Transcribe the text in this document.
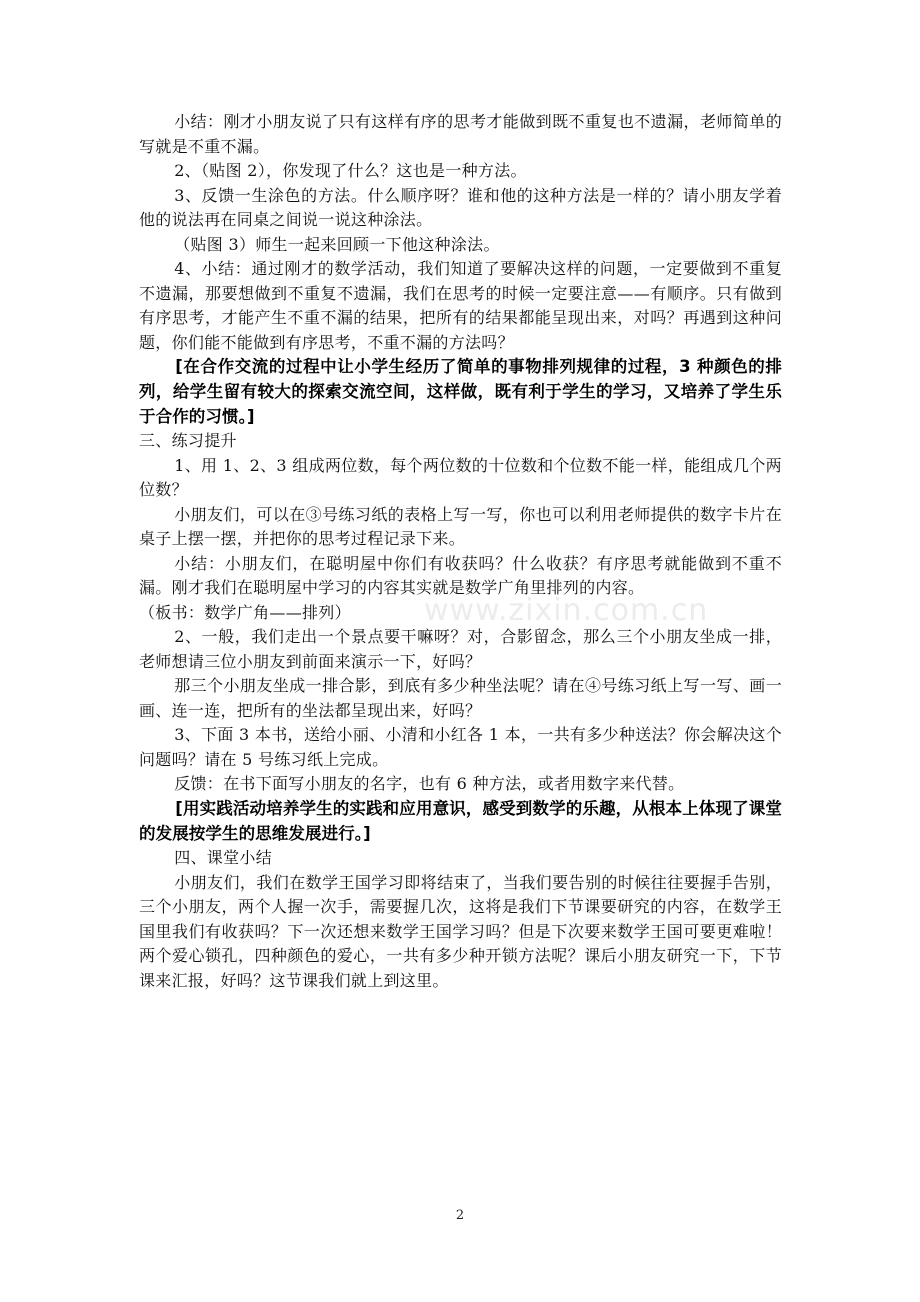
小结：刚才小朋友说了只有这样有序的思考才能做到既不重复也不遗漏，老师简单的写就是不重不漏。

2、（贴图 2），你发现了什么？这也是一种方法。

3、反馈一生涂色的方法。什么顺序呀？谁和他的这种方法是一样的？请小朋友学着他的说法再在同桌之间说一说这种涂法。

（贴图 3）师生一起来回顾一下他这种涂法。

4、小结：通过刚才的数学活动，我们知道了要解决这样的问题，一定要做到不重复不遗漏，那要想做到不重复不遗漏，我们在思考的时候一定要注意——有顺序。只有做到有序思考，才能产生不重不漏的结果，把所有的结果都能呈现出来，对吗？再遇到这种问题，你们能不能做到有序思考，不重不漏的方法吗？

[在合作交流的过程中让小学生经历了简单的事物排列规律的过程，3 种颜色的排列，给学生留有较大的探索交流空间，这样做，既有利于学生的学习，又培养了学生乐于合作的习惯。]

三、练习提升

1、用 1、2、3 组成两位数，每个两位数的十位数和个位数不能一样，能组成几个两位数？

小朋友们，可以在③号练习纸的表格上写一写，你也可以利用老师提供的数字卡片在桌子上摆一摆，并把你的思考过程记录下来。

小结：小朋友们，在聪明屋中你们有收获吗？什么收获？有序思考就能做到不重不漏。刚才我们在聪明屋中学习的内容其实就是数学广角里排列的内容。

（板书：数学广角——排列）

2、一般，我们走出一个景点要干嘛呀？对，合影留念，那么三个小朋友坐成一排，老师想请三位小朋友到前面来演示一下，好吗？

那三个小朋友坐成一排合影，到底有多少种坐法呢？请在④号练习纸上写一写、画一画、连一连，把所有的坐法都呈现出来，好吗？

3、下面 3 本书，送给小丽、小清和小红各 1 本，一共有多少种送法？你会解决这个问题吗？请在 5 号练习纸上完成。

反馈：在书下面写小朋友的名字，也有 6 种方法，或者用数字来代替。

[用实践活动培养学生的实践和应用意识，感受到数学的乐趣，从根本上体现了课堂的发展按学生的思维发展进行。]

四、课堂小结

小朋友们，我们在数学王国学习即将结束了，当我们要告别的时候往往要握手告别，三个小朋友，两个人握一次手，需要握几次，这将是我们下节课要研究的内容，在数学王国里我们有收获吗？下一次还想来数学王国学习吗？但是下次要来数学王国可要更难啦！两个爱心锁孔，四种颜色的爱心，一共有多少种开锁方法呢？课后小朋友研究一下，下节课来汇报，好吗？这节课我们就上到这里。

www.zixin.com.cn
2
